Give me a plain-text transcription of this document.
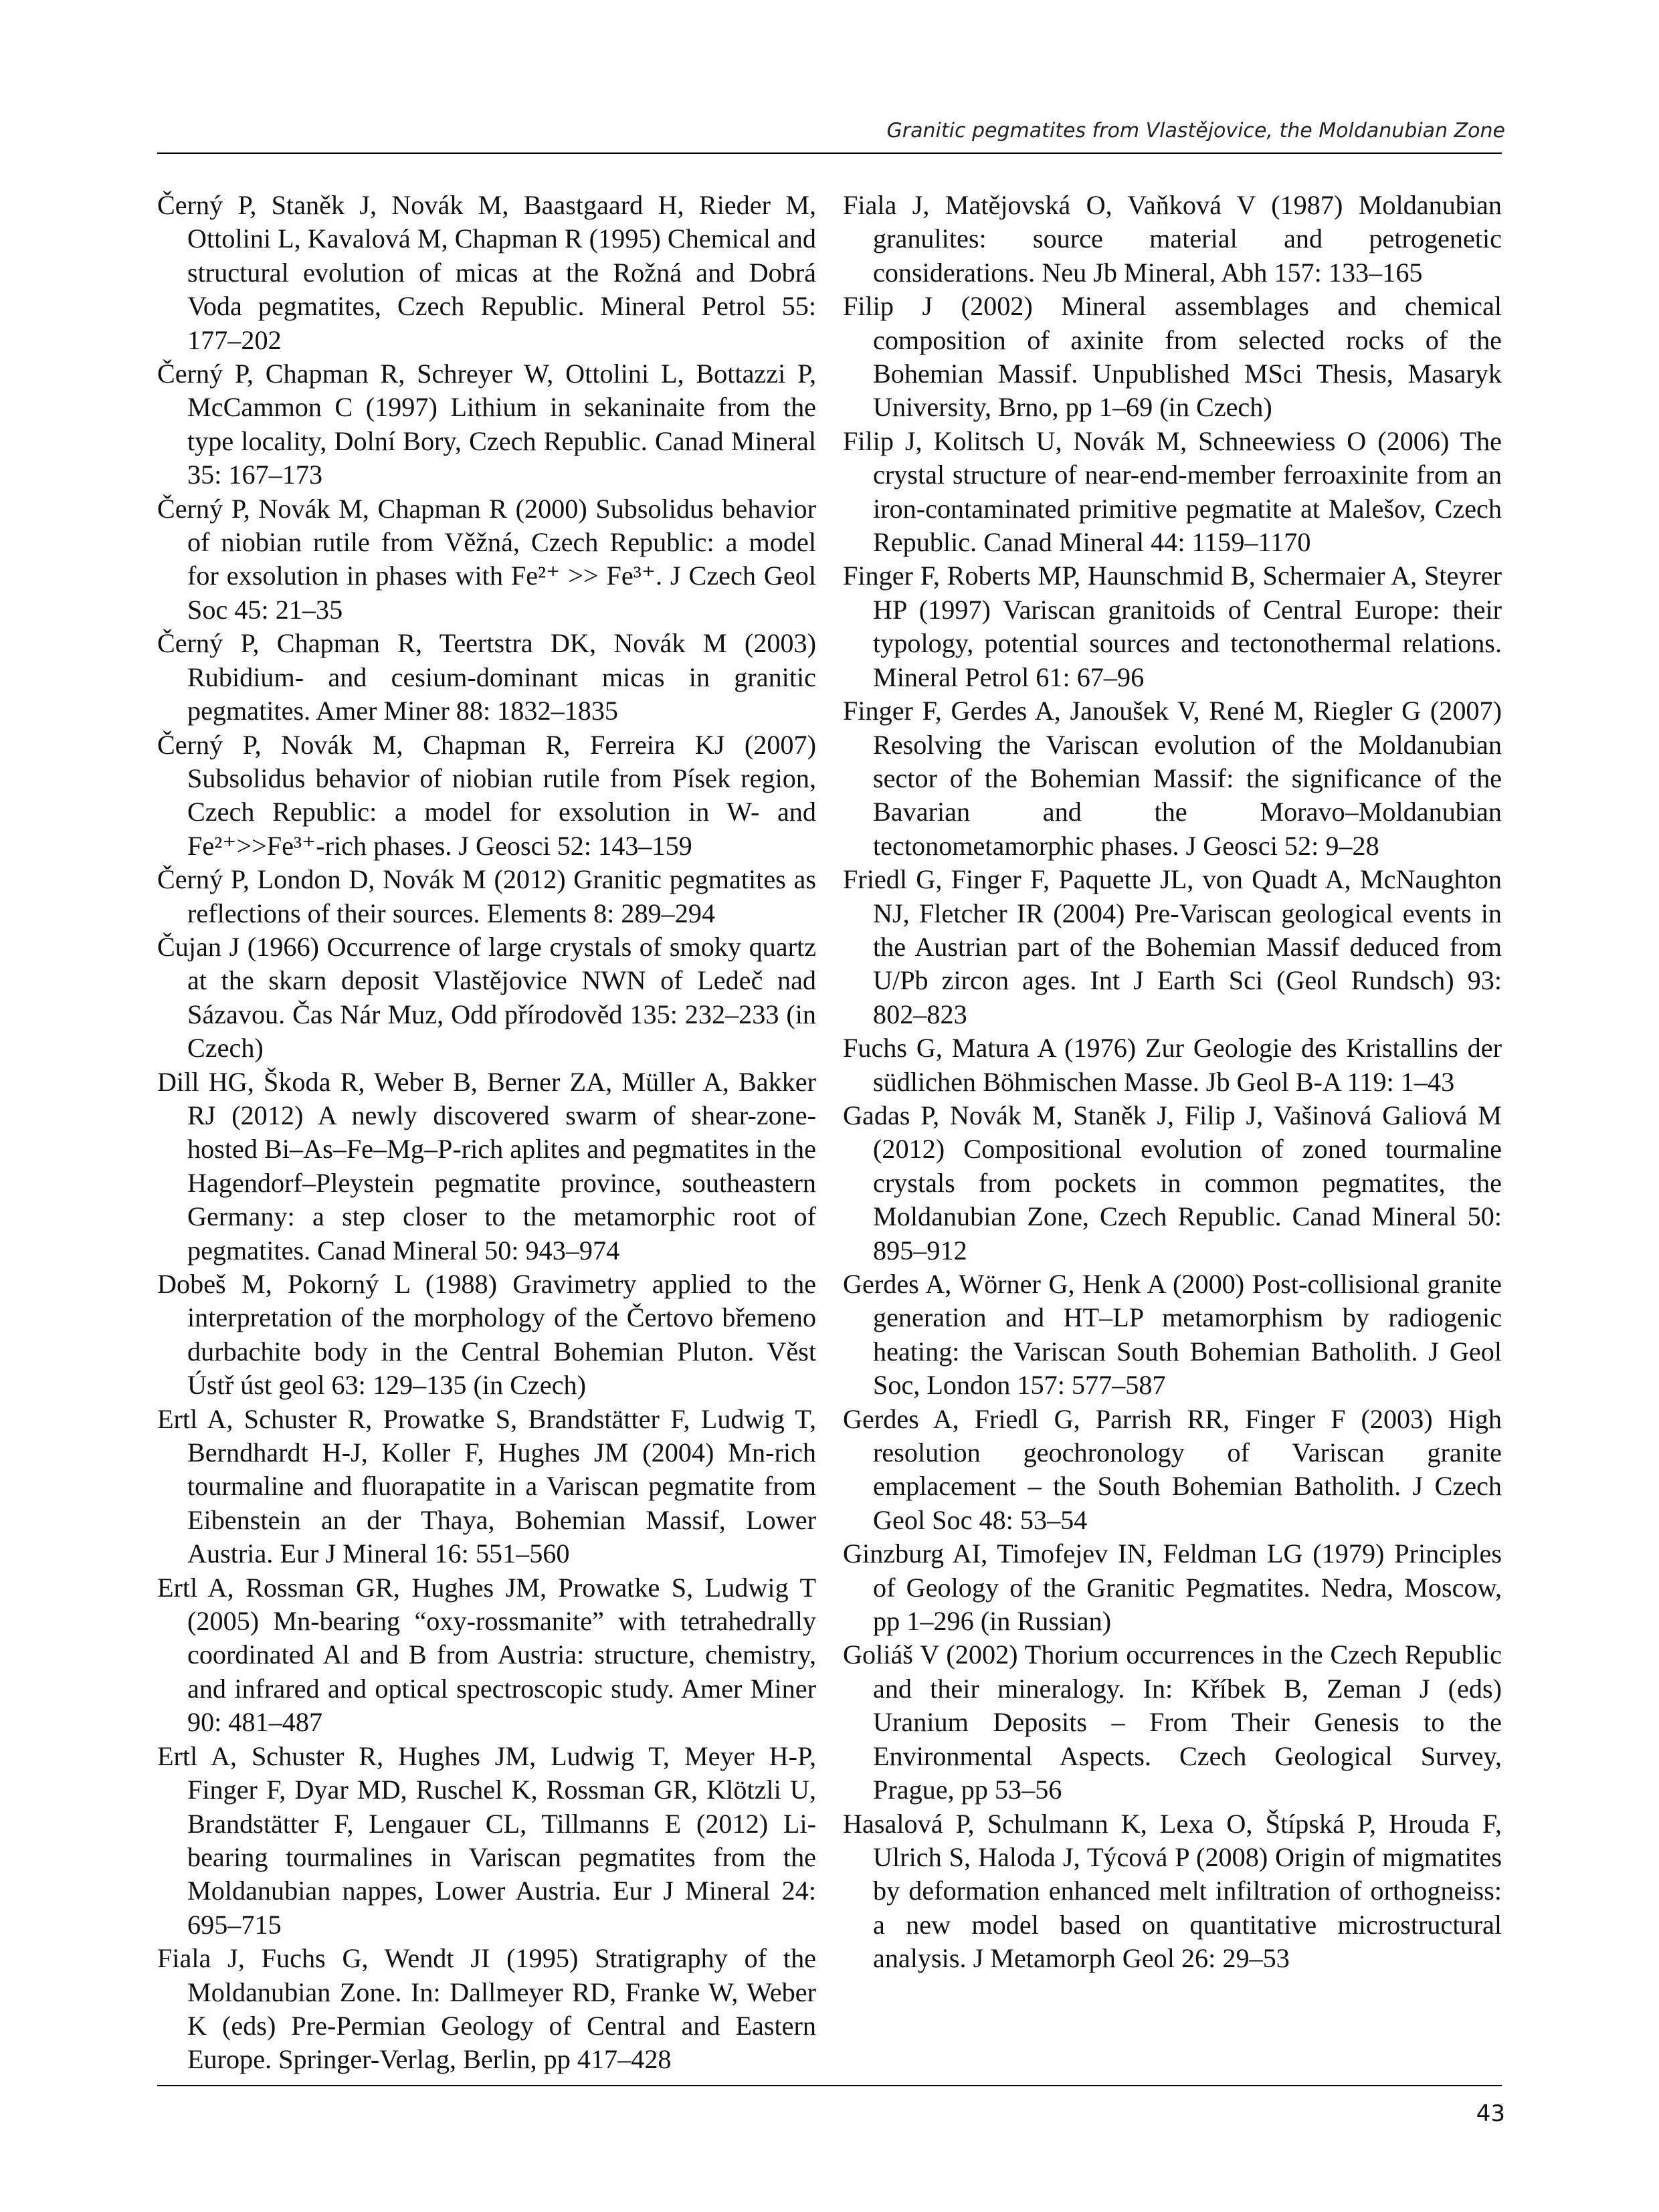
Granitic pegmatites from Vlastějovice, the Moldanubian Zone

Černý P, Staněk J, Novák M, Baastgaard H, Rieder M, Ottolini L, Kavalová M, Chapman R (1995) Chemical and structural evolution of micas at the Rožná and Dobrá Voda pegmatites, Czech Republic. Mineral Petrol 55: 177–202

Černý P, Chapman R, Schreyer W, Ottolini L, Bottazzi P, McCammon C (1997) Lithium in sekaninaite from the type locality, Dolní Bory, Czech Republic. Canad Mineral 35: 167–173

Černý P, Novák M, Chapman R (2000) Subsolidus behavior of niobian rutile from Věžná, Czech Republic: a model for exsolution in phases with Fe²⁺ >> Fe³⁺. J Czech Geol Soc 45: 21–35

Černý P, Chapman R, Teertstra DK, Novák M (2003) Rubidium- and cesium-dominant micas in granitic pegmatites. Amer Miner 88: 1832–1835

Černý P, Novák M, Chapman R, Ferreira KJ (2007) Subsolidus behavior of niobian rutile from Písek region, Czech Republic: a model for exsolution in W- and Fe²⁺>>Fe³⁺-rich phases. J Geosci 52: 143–159

Černý P, London D, Novák M (2012) Granitic pegmatites as reflections of their sources. Elements 8: 289–294

Čujan J (1966) Occurrence of large crystals of smoky quartz at the skarn deposit Vlastějovice NWN of Ledeč nad Sázavou. Čas Nár Muz, Odd přírodověd 135: 232–233 (in Czech)

Dill HG, Škoda R, Weber B, Berner ZA, Müller A, Bakker RJ (2012) A newly discovered swarm of shear-zone-hosted Bi–As–Fe–Mg–P-rich aplites and pegmatites in the Hagendorf–Pleystein pegmatite province, southeastern Germany: a step closer to the metamorphic root of pegmatites. Canad Mineral 50: 943–974

Dobeš M, Pokorný L (1988) Gravimetry applied to the interpretation of the morphology of the Čertovo břemeno durbachite body in the Central Bohemian Pluton. Věst Ústř úst geol 63: 129–135 (in Czech)

Ertl A, Schuster R, Prowatke S, Brandstätter F, Ludwig T, Berndhardt H-J, Koller F, Hughes JM (2004) Mn-rich tourmaline and fluorapatite in a Variscan pegmatite from Eibenstein an der Thaya, Bohemian Massif, Lower Austria. Eur J Mineral 16: 551–560

Ertl A, Rossman GR, Hughes JM, Prowatke S, Ludwig T (2005) Mn-bearing “oxy-rossmanite” with tetrahedrally coordinated Al and B from Austria: structure, chemistry, and infrared and optical spectroscopic study. Amer Miner 90: 481–487

Ertl A, Schuster R, Hughes JM, Ludwig T, Meyer H-P, Finger F, Dyar MD, Ruschel K, Rossman GR, Klötzli U, Brandstätter F, Lengauer CL, Tillmanns E (2012) Li-bearing tourmalines in Variscan pegmatites from the Moldanubian nappes, Lower Austria. Eur J Mineral 24: 695–715

Fiala J, Fuchs G, Wendt JI (1995) Stratigraphy of the Moldanubian Zone. In: Dallmeyer RD, Franke W, Weber K (eds) Pre-Permian Geology of Central and Eastern Europe. Springer-Verlag, Berlin, pp 417–428

Fiala J, Matějovská O, Vaňková V (1987) Moldanubian granulites: source material and petrogenetic considerations. Neu Jb Mineral, Abh 157: 133–165

Filip J (2002) Mineral assemblages and chemical composition of axinite from selected rocks of the Bohemian Massif. Unpublished MSci Thesis, Masaryk University, Brno, pp 1–69 (in Czech)

Filip J, Kolitsch U, Novák M, Schneewiess O (2006) The crystal structure of near-end-member ferroaxinite from an iron-contaminated primitive pegmatite at Malešov, Czech Republic. Canad Mineral 44: 1159–1170

Finger F, Roberts MP, Haunschmid B, Schermaier A, Steyrer HP (1997) Variscan granitoids of Central Europe: their typology, potential sources and tectonothermal relations. Mineral Petrol 61: 67–96

Finger F, Gerdes A, Janoušek V, René M, Riegler G (2007) Resolving the Variscan evolution of the Moldanubian sector of the Bohemian Massif: the significance of the Bavarian and the Moravo–Moldanubian tectonometamorphic phases. J Geosci 52: 9–28

Friedl G, Finger F, Paquette JL, von Quadt A, McNaughton NJ, Fletcher IR (2004) Pre-Variscan geological events in the Austrian part of the Bohemian Massif deduced from U/Pb zircon ages. Int J Earth Sci (Geol Rundsch) 93: 802–823

Fuchs G, Matura A (1976) Zur Geologie des Kristallins der südlichen Böhmischen Masse. Jb Geol B-A 119: 1–43

Gadas P, Novák M, Staněk J, Filip J, Vašinová Galiová M (2012) Compositional evolution of zoned tourmaline crystals from pockets in common pegmatites, the Moldanubian Zone, Czech Republic. Canad Mineral 50: 895–912

Gerdes A, Wörner G, Henk A (2000) Post-collisional granite generation and HT–LP metamorphism by radiogenic heating: the Variscan South Bohemian Batholith. J Geol Soc, London 157: 577–587

Gerdes A, Friedl G, Parrish RR, Finger F (2003) High resolution geochronology of Variscan granite emplacement – the South Bohemian Batholith. J Czech Geol Soc 48: 53–54

Ginzburg AI, Timofejev IN, Feldman LG (1979) Principles of Geology of the Granitic Pegmatites. Nedra, Moscow, pp 1–296 (in Russian)

Goliáš V (2002) Thorium occurrences in the Czech Republic and their mineralogy. In: Kříbek B, Zeman J (eds) Uranium Deposits – From Their Genesis to the Environmental Aspects. Czech Geological Survey, Prague, pp 53–56

Hasalová P, Schulmann K, Lexa O, Štípská P, Hrouda F, Ulrich S, Haloda J, Týcová P (2008) Origin of migmatites by deformation enhanced melt infiltration of orthogneiss: a new model based on quantitative microstructural analysis. J Metamorph Geol 26: 29–53

43
